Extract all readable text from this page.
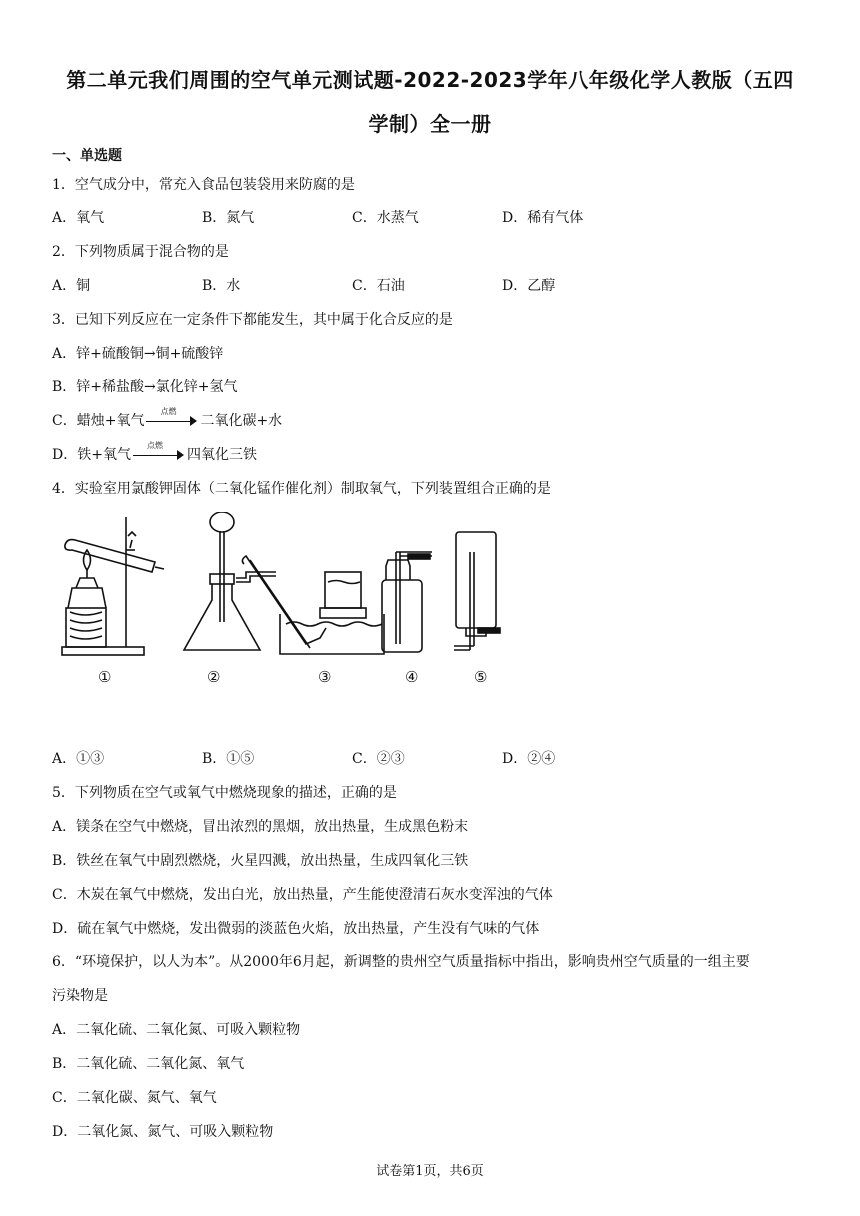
第二单元我们周围的空气单元测试题-2022-2023学年八年级化学人教版（五四
学制）全一册
一、单选题
1．空气成分中，常充入食品包装袋用来防腐的是
A．氧气	B．氮气	C．水蒸气	D．稀有气体
2．下列物质属于混合物的是
A．铜	B．水	C．石油	D．乙醇
3．已知下列反应在一定条件下都能发生，其中属于化合反应的是
A．锌+硫酸铜→铜+硫酸锌
B．锌+稀盐酸→氯化锌+氢气
C．蜡烛+氧气
点燃
二氧化碳+水
D．铁+氧气
点燃
四氧化三铁
4．实验室用氯酸钾固体（二氧化锰作催化剂）制取氧气，下列装置组合正确的是
①	②	③	④	⑤
A．①③	B．①⑤	C．②③	D．②④
5．下列物质在空气或氧气中燃烧现象的描述，正确的是
A．镁条在空气中燃烧，冒出浓烈的黑烟，放出热量，生成黑色粉末
B．铁丝在氧气中剧烈燃烧，火星四溅，放出热量，生成四氧化三铁
C．木炭在氧气中燃烧，发出白光，放出热量，产生能使澄清石灰水变浑浊的气体
D．硫在氧气中燃烧，发出微弱的淡蓝色火焰，放出热量，产生没有气味的气体
6．“环境保护，以人为本”。从2000年6月起，新调整的贵州空气质量指标中指出，影响贵州空气质量的一组主要
污染物是
A．二氧化硫、二氧化氮、可吸入颗粒物
B．二氧化硫、二氧化氮、氧气
C．二氧化碳、氮气、氧气
D．二氧化氮、氮气、可吸入颗粒物
试卷第1页，共6页
